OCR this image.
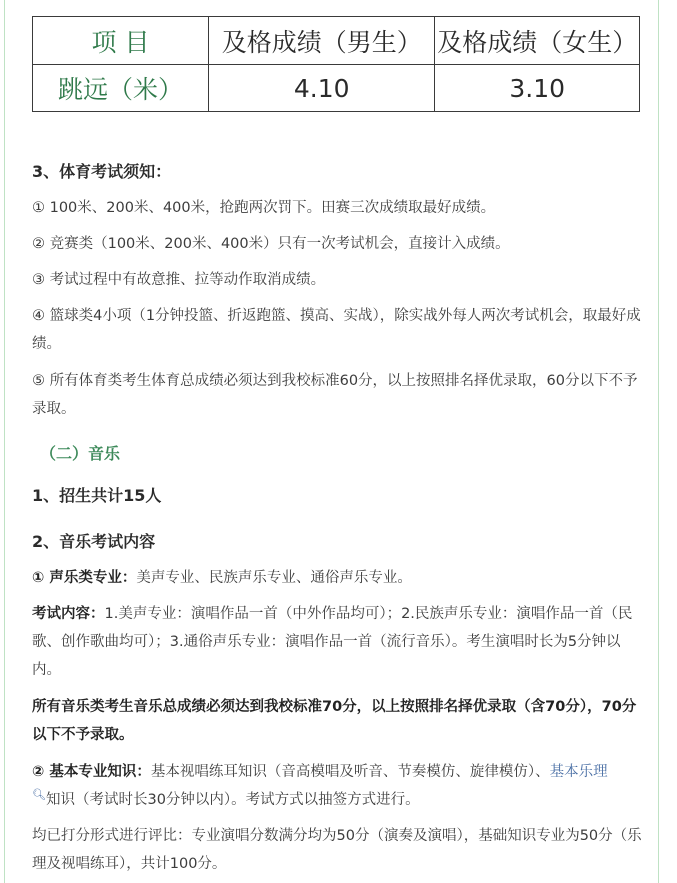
项 目	及格成绩（男生）	及格成绩（女生）
跳远（米）	4.10	3.10
3、体育考试须知：
① 100米、200米、400米，抢跑两次罚下。田赛三次成绩取最好成绩。
② 竞赛类（100米、200米、400米）只有一次考试机会，直接计入成绩。
③ 考试过程中有故意推、拉等动作取消成绩。
④ 篮球类4小项（1分钟投篮、折返跑篮、摸高、实战），除实战外每人两次考试机会，取最好成绩。
⑤ 所有体育类考生体育总成绩必须达到我校标准60分，以上按照排名择优录取，60分以下不予录取。
（二）音乐
1、招生共计15人
2、音乐考试内容
① 声乐类专业：美声专业、民族声乐专业、通俗声乐专业。
考试内容：1.美声专业：演唱作品一首（中外作品均可）；2.民族声乐专业：演唱作品一首（民歌、创作歌曲均可）；3.通俗声乐专业：演唱作品一首（流行音乐）。考生演唱时长为5分钟以内。
所有音乐类考生音乐总成绩必须达到我校标准70分，以上按照排名择优录取（含70分），70分以下不予录取。
② 基本专业知识：基本视唱练耳知识（音高模唱及听音、节奏模仿、旋律模仿）、基本乐理
🔍︎知识（考试时长30分钟以内）。考试方式以抽签方式进行。
均已打分形式进行评比：专业演唱分数满分均为50分（演奏及演唱），基础知识专业为50分（乐理及视唱练耳），共计100分。
